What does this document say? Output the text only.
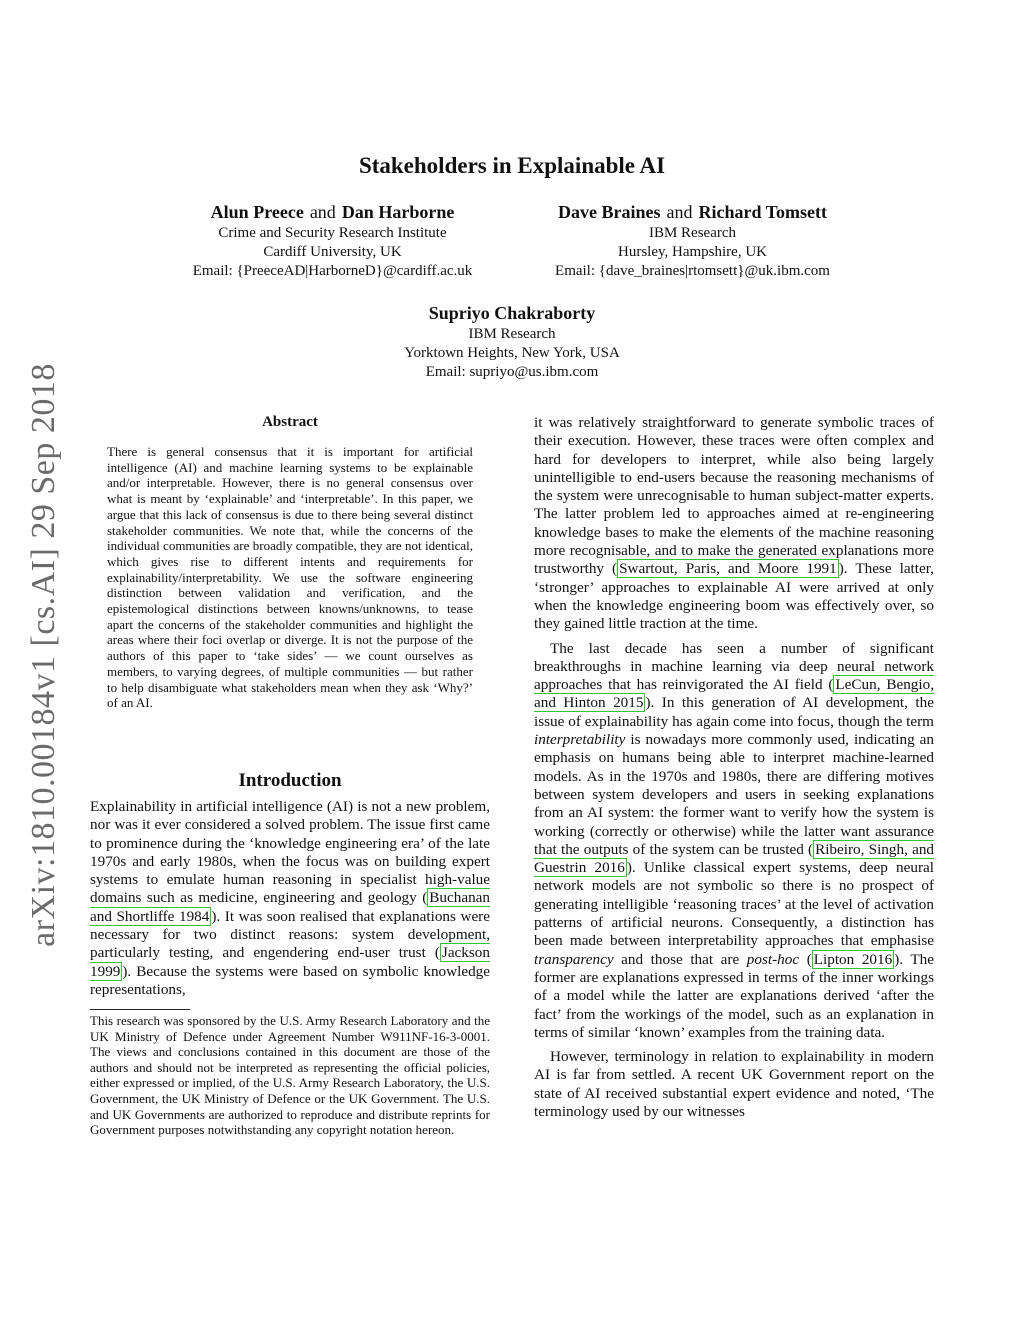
arXiv:1810.00184v1 [cs.AI] 29 Sep 2018
Stakeholders in Explainable AI
Alun Preece and Dan Harborne
Crime and Security Research Institute
Cardiff University, UK
Email: {PreeceAD|HarborneD}@cardiff.ac.uk
Dave Braines and Richard Tomsett
IBM Research
Hursley, Hampshire, UK
Email: {dave_braines|rtomsett}@uk.ibm.com
Supriyo Chakraborty
IBM Research
Yorktown Heights, New York, USA
Email: supriyo@us.ibm.com
Abstract
There is general consensus that it is important for artificial intelligence (AI) and machine learning systems to be explainable and/or interpretable. However, there is no general consensus over what is meant by ‘explainable’ and ‘interpretable’. In this paper, we argue that this lack of consensus is due to there being several distinct stakeholder communities. We note that, while the concerns of the individual communities are broadly compatible, they are not identical, which gives rise to different intents and requirements for explainability/interpretability. We use the software engineering distinction between validation and verification, and the epistemological distinctions between knowns/unknowns, to tease apart the concerns of the stakeholder communities and highlight the areas where their foci overlap or diverge. It is not the purpose of the authors of this paper to ‘take sides’ — we count ourselves as members, to varying degrees, of multiple communities — but rather to help disambiguate what stakeholders mean when they ask ‘Why?’ of an AI.
Introduction

Explainability in artificial intelligence (AI) is not a new problem, nor was it ever considered a solved problem. The issue first came to prominence during the ‘knowledge engineering era’ of the late 1970s and early 1980s, when the focus was on building expert systems to emulate human reasoning in specialist high-value domains such as medicine, engineering and geology ( Buchanan and Shortliffe 1984 ). It was soon realised that explanations were necessary for two distinct reasons: system development, particularly testing, and engendering end-user trust ( Jackson 1999 ). Because the systems were based on symbolic knowledge representations,

This research was sponsored by the U.S. Army Research Laboratory and the UK Ministry of Defence under Agreement Number W911NF-16-3-0001. The views and conclusions contained in this document are those of the authors and should not be interpreted as representing the official policies, either expressed or implied, of the U.S. Army Research Laboratory, the U.S. Government, the UK Ministry of Defence or the UK Government. The U.S. and UK Governments are authorized to reproduce and distribute reprints for Government purposes notwithstanding any copyright notation hereon.

it was relatively straightforward to generate symbolic traces of their execution. However, these traces were often complex and hard for developers to interpret, while also being largely unintelligible to end-users because the reasoning mechanisms of the system were unrecognisable to human subject-matter experts. The latter problem led to approaches aimed at re-engineering knowledge bases to make the elements of the machine reasoning more recognisable, and to make the generated explanations more trustworthy ( Swartout, Paris, and Moore 1991 ). These latter, ‘stronger’ approaches to explainable AI were arrived at only when the knowledge engineering boom was effectively over, so they gained little traction at the time.

The last decade has seen a number of significant breakthroughs in machine learning via deep neural network approaches that has reinvigorated the AI field ( LeCun, Bengio, and Hinton 2015 ). In this generation of AI development, the issue of explainability has again come into focus, though the term interpretability is nowadays more commonly used, indicating an emphasis on humans being able to interpret machine-learned models. As in the 1970s and 1980s, there are differing motives between system developers and users in seeking explanations from an AI system: the former want to verify how the system is working (correctly or otherwise) while the latter want assurance that the outputs of the system can be trusted ( Ribeiro, Singh, and Guestrin 2016 ). Unlike classical expert systems, deep neural network models are not symbolic so there is no prospect of generating intelligible ‘reasoning traces’ at the level of activation patterns of artificial neurons. Consequently, a distinction has been made between interpretability approaches that emphasise transparency and those that are post-hoc ( Lipton 2016 ). The former are explanations expressed in terms of the inner workings of a model while the latter are explanations derived ‘after the fact’ from the workings of the model, such as an explanation in terms of similar ‘known’ examples from the training data.

However, terminology in relation to explainability in modern AI is far from settled. A recent UK Government report on the state of AI received substantial expert evidence and noted, ‘The terminology used by our witnesses
